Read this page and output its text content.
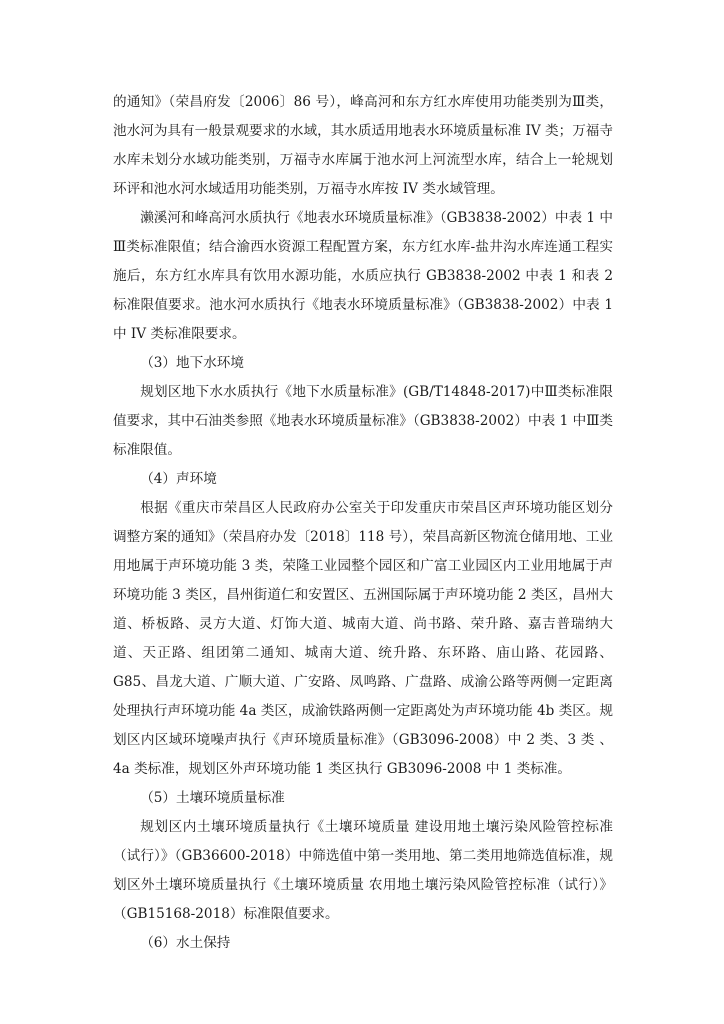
的通知》（荣昌府发〔2006〕86 号），峰高河和东方红水库使用功能类别为Ⅲ类，池水河为具有一般景观要求的水域，其水质适用地表水环境质量标准 IV 类；万福寺水库未划分水域功能类别，万福寺水库属于池水河上河流型水库，结合上一轮规划环评和池水河水域适用功能类别，万福寺水库按 IV 类水域管理。

濑溪河和峰高河水质执行《地表水环境质量标准》（GB3838-2002）中表 1 中Ⅲ类标准限值；结合渝西水资源工程配置方案，东方红水库-盐井沟水库连通工程实施后，东方红水库具有饮用水源功能，水质应执行 GB3838-2002 中表 1 和表 2 标准限值要求。池水河水质执行《地表水环境质量标准》（GB3838-2002）中表 1 中 IV 类标准限要求。

（3）地下水环境

规划区地下水水质执行《地下水质量标准》(GB/T14848-2017)中Ⅲ类标准限值要求，其中石油类参照《地表水环境质量标准》（GB3838-2002）中表 1 中Ⅲ类标准限值。

（4）声环境

根据《重庆市荣昌区人民政府办公室关于印发重庆市荣昌区声环境功能区划分调整方案的通知》（荣昌府办发〔2018〕118 号），荣昌高新区物流仓储用地、工业用地属于声环境功能 3 类，荣隆工业园整个园区和广富工业园区内工业用地属于声环境功能 3 类区，昌州街道仁和安置区、五洲国际属于声环境功能 2 类区，昌州大道、桥板路、灵方大道、灯饰大道、城南大道、尚书路、荣升路、嘉吉普瑞纳大道、天正路、组团第二通知、城南大道、统升路、东环路、庙山路、花园路、G85、昌龙大道、广顺大道、广安路、凤鸣路、广盘路、成渝公路等两侧一定距离处理执行声环境功能 4a 类区，成渝铁路两侧一定距离处为声环境功能 4b 类区。规划区内区域环境噪声执行《声环境质量标准》（GB3096-2008）中 2 类、3 类 、4a 类标准，规划区外声环境功能 1 类区执行 GB3096-2008 中 1 类标准。

（5）土壤环境质量标准

规划区内土壤环境质量执行《土壤环境质量 建设用地土壤污染风险管控标准（试行）》（GB36600-2018）中筛选值中第一类用地、第二类用地筛选值标准，规划区外土壤环境质量执行《土壤环境质量 农用地土壤污染风险管控标准（试行）》（GB15168-2018）标准限值要求。

（6）水土保持
